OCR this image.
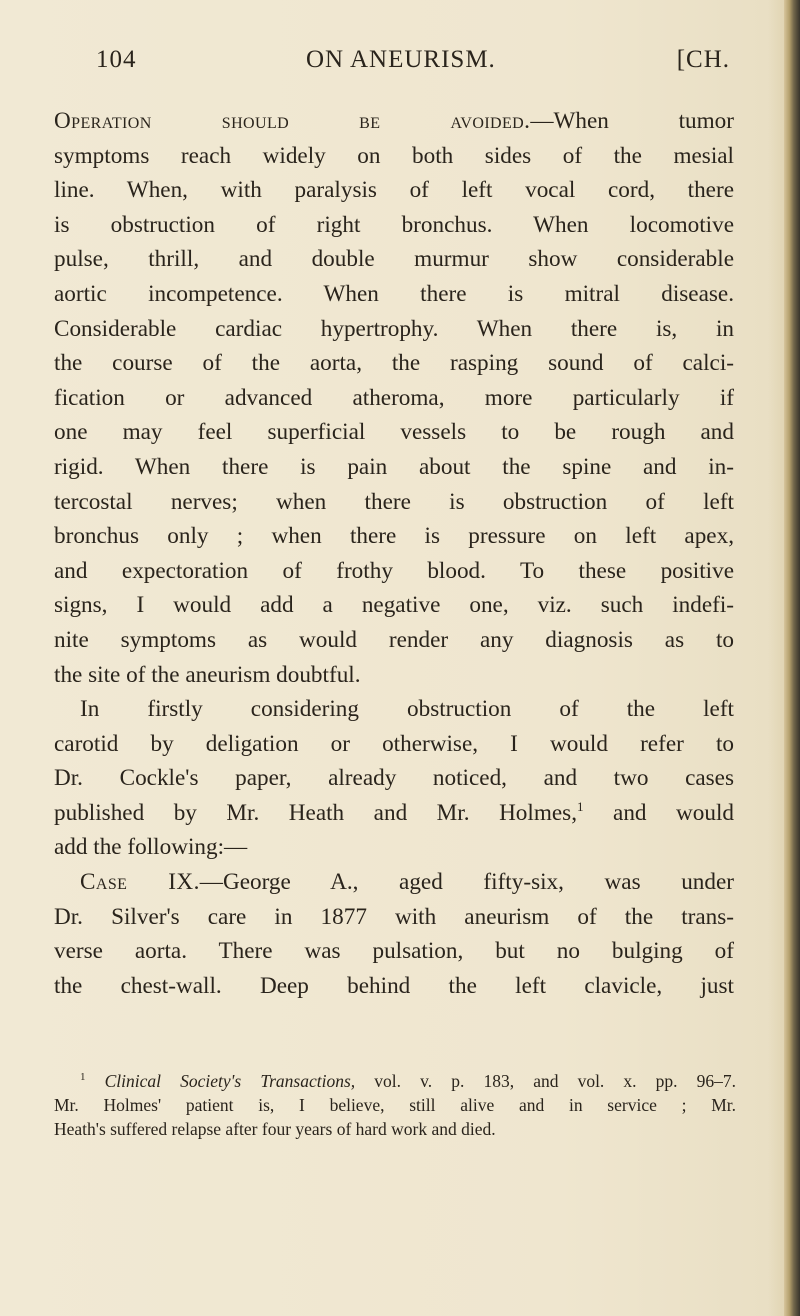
104	ON ANEURISM.	[CH.
Operation should be avoided.—When tumor
symptoms reach widely on both sides of the mesial
line. When, with paralysis of left vocal cord, there
is obstruction of right bronchus. When locomotive
pulse, thrill, and double murmur show considerable
aortic incompetence. When there is mitral disease.
Considerable cardiac hypertrophy. When there is, in
the course of the aorta, the rasping sound of calci-
fication or advanced atheroma, more particularly if
one may feel superficial vessels to be rough and
rigid. When there is pain about the spine and in-
tercostal nerves; when there is obstruction of left
bronchus only ; when there is pressure on left apex,
and expectoration of frothy blood. To these positive
signs, I would add a negative one, viz. such indefi-
nite symptoms as would render any diagnosis as to
the site of the aneurism doubtful.
In firstly considering obstruction of the left
carotid by deligation or otherwise, I would refer to
Dr. Cockle's paper, already noticed, and two cases
published by Mr. Heath and Mr. Holmes,$^1$ and would
add the following:—
Case IX.—George A., aged fifty-six, was under
Dr. Silver's care in 1877 with aneurism of the trans-
verse aorta. There was pulsation, but no bulging of
the chest-wall. Deep behind the left clavicle, just
$^1$ Clinical Society's Transactions, vol. v. p. 183, and vol. x. pp. 96–7.
Mr. Holmes' patient is, I believe, still alive and in service ; Mr.
Heath's suffered relapse after four years of hard work and died.
